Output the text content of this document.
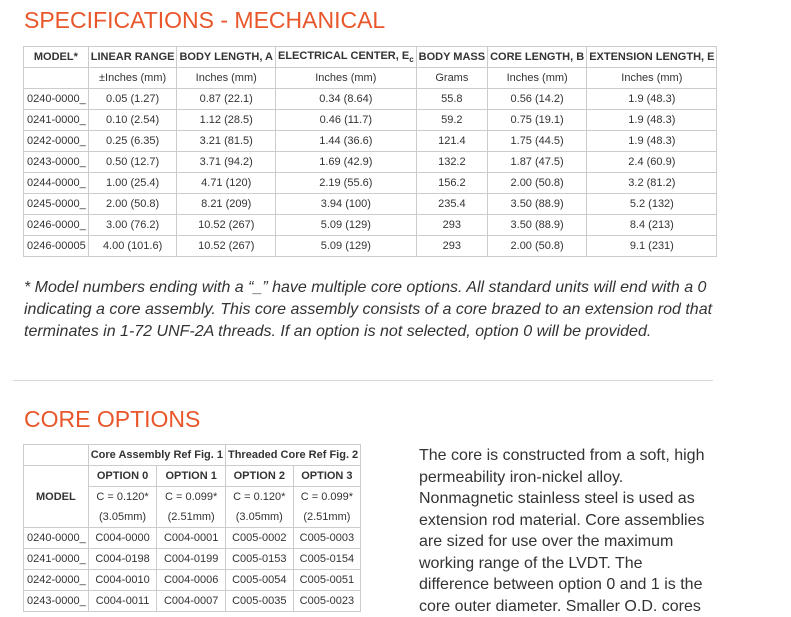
SPECIFICATIONS - MECHANICAL
MODEL*	LINEAR RANGE	BODY LENGTH, A	ELECTRICAL CENTER, $E_c$	BODY MASS	CORE LENGTH, B	EXTENSION LENGTH, E
	±Inches (mm)	Inches (mm)	Inches (mm)	Grams	Inches (mm)	Inches (mm)
0240-0000_	0.05 (1.27)	0.87 (22.1)	0.34 (8.64)	55.8	0.56 (14.2)	1.9 (48.3)
0241-0000_	0.10 (2.54)	1.12 (28.5)	0.46 (11.7)	59.2	0.75 (19.1)	1.9 (48.3)
0242-0000_	0.25 (6.35)	3.21 (81.5)	1.44 (36.6)	121.4	1.75 (44.5)	1.9 (48.3)
0243-0000_	0.50 (12.7)	3.71 (94.2)	1.69 (42.9)	132.2	1.87 (47.5)	2.4 (60.9)
0244-0000_	1.00 (25.4)	4.71 (120)	2.19 (55.6)	156.2	2.00 (50.8)	3.2 (81.2)
0245-0000_	2.00 (50.8)	8.21 (209)	3.94 (100)	235.4	3.50 (88.9)	5.2 (132)
0246-0000_	3.00 (76.2)	10.52 (267)	5.09 (129)	293	3.50 (88.9)	8.4 (213)
0246-00005	4.00 (101.6)	10.52 (267)	5.09 (129)	293	2.00 (50.8)	9.1 (231)

* Model numbers ending with a “_” have multiple core options. All standard units will end with a 0 indicating a core assembly. This core assembly consists of a core brazed to an extension rod that terminates in 1-72 UNF-2A threads. If an option is not selected, option 0 will be provided.

CORE OPTIONS
	Core Assembly Ref Fig. 1		Threaded Core Ref Fig. 2	
MODEL	OPTION 0	OPTION 1	OPTION 2	OPTION 3
	C = 0.120*	C = 0.099*	C = 0.120*	C = 0.099*
	(3.05mm)	(2.51mm)	(3.05mm)	(2.51mm)
0240-0000_	C004-0000	C004-0001	C005-0002	C005-0003
0241-0000_	C004-0198	C004-0199	C005-0153	C005-0154
0242-0000_	C004-0010	C004-0006	C005-0054	C005-0051
0243-0000_	C004-0011	C004-0007	C005-0035	C005-0023

The core is constructed from a soft, high permeability iron-nickel alloy. Nonmagnetic stainless steel is used as extension rod material. Core assemblies are sized for use over the maximum working range of the LVDT. The difference between option 0 and 1 is the core outer diameter. Smaller O.D. cores
